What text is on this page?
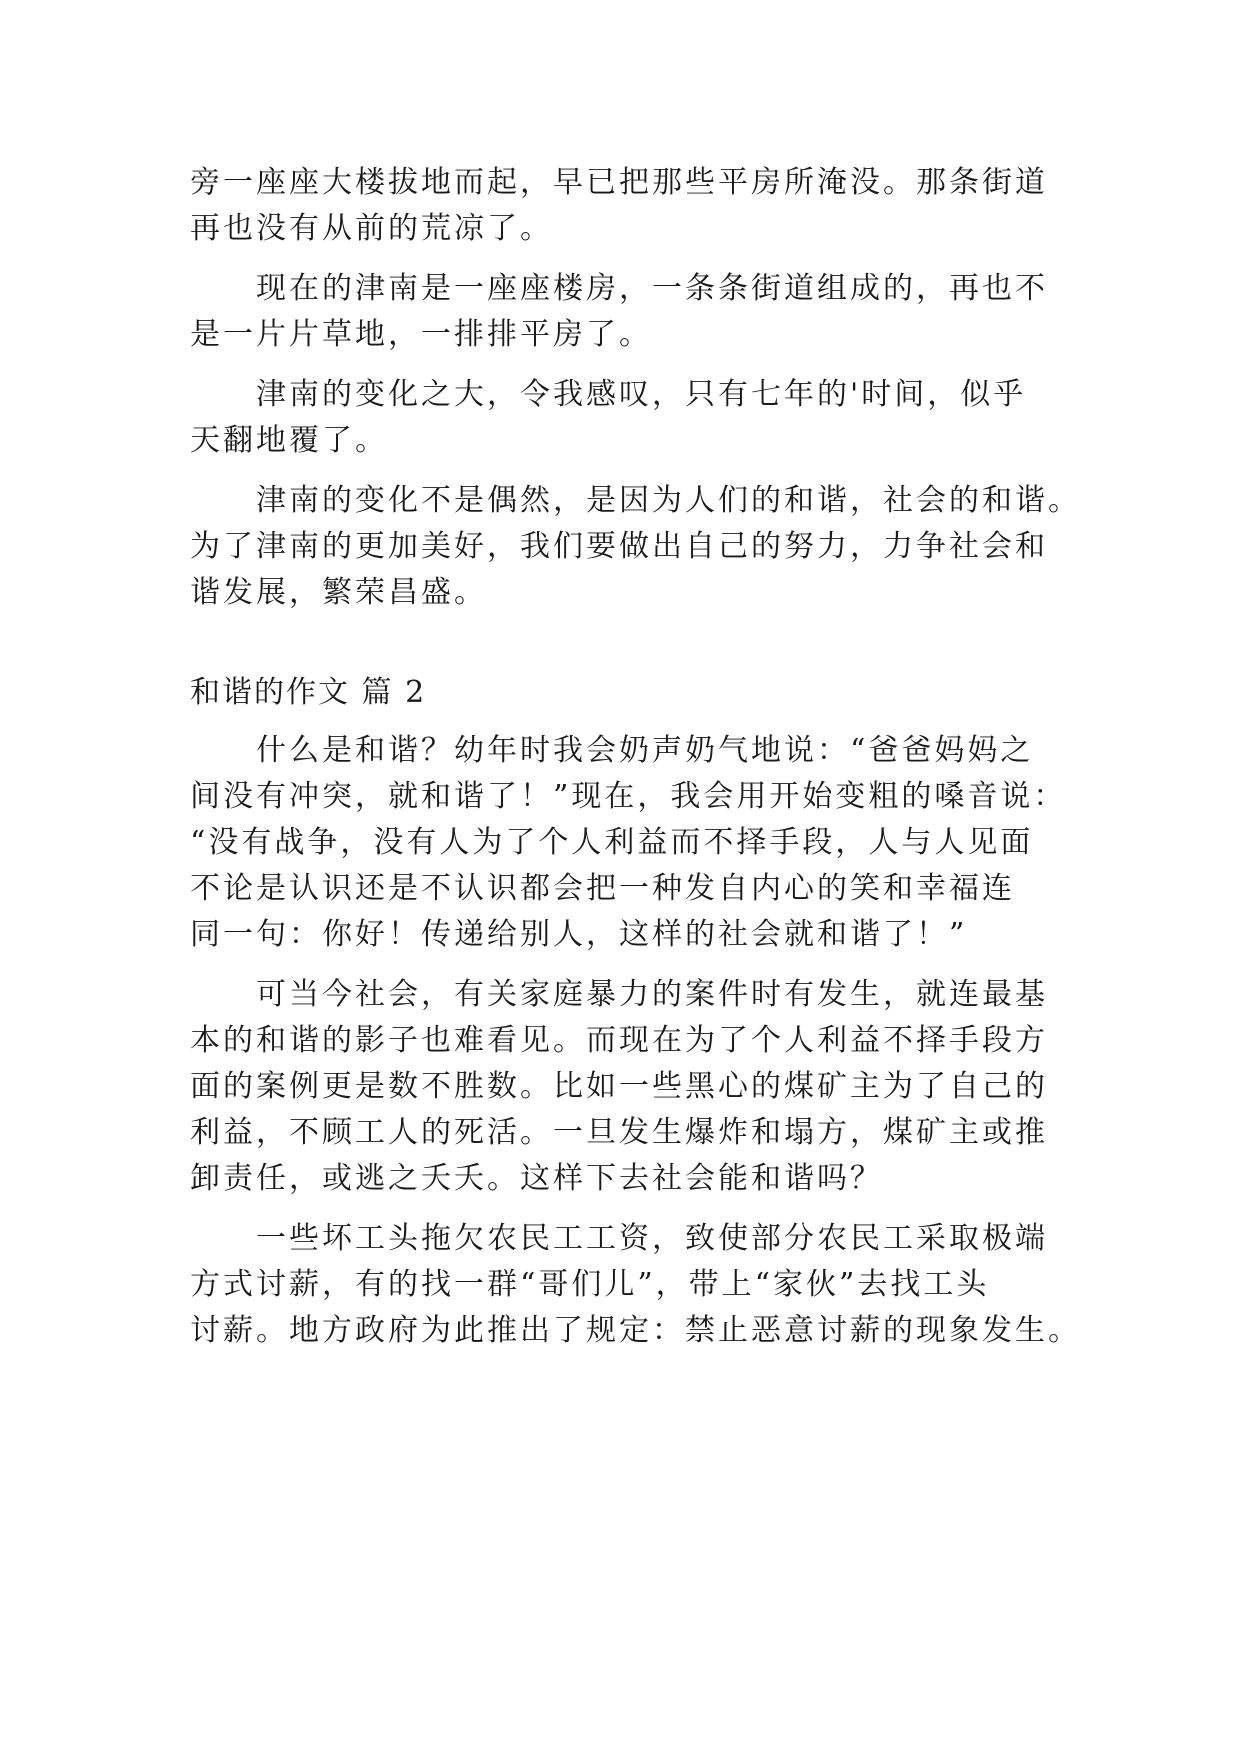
旁一座座大楼拔地而起，早已把那些平房所淹没。那条街道
再也没有从前的荒凉了。
现在的津南是一座座楼房，一条条街道组成的，再也不
是一片片草地，一排排平房了。
津南的变化之大，令我感叹，只有七年的'时间，似乎
天翻地覆了。
津南的变化不是偶然，是因为人们的和谐，社会的和谐。
为了津南的更加美好，我们要做出自己的努力，力争社会和
谐发展，繁荣昌盛。
和谐的作文 篇 2
什么是和谐？幼年时我会奶声奶气地说：“爸爸妈妈之
间没有冲突，就和谐了！”现在，我会用开始变粗的嗓音说：
“没有战争，没有人为了个人利益而不择手段，人与人见面
不论是认识还是不认识都会把一种发自内心的笑和幸福连
同一句：你好！传递给别人，这样的社会就和谐了！”
可当今社会，有关家庭暴力的案件时有发生，就连最基
本的和谐的影子也难看见。而现在为了个人利益不择手段方
面的案例更是数不胜数。比如一些黑心的煤矿主为了自己的
利益，不顾工人的死活。一旦发生爆炸和塌方，煤矿主或推
卸责任，或逃之夭夭。这样下去社会能和谐吗？
一些坏工头拖欠农民工工资，致使部分农民工采取极端
方式讨薪，有的找一群“哥们儿”，带上“家伙”去找工头
讨薪。地方政府为此推出了规定：禁止恶意讨薪的现象发生。
